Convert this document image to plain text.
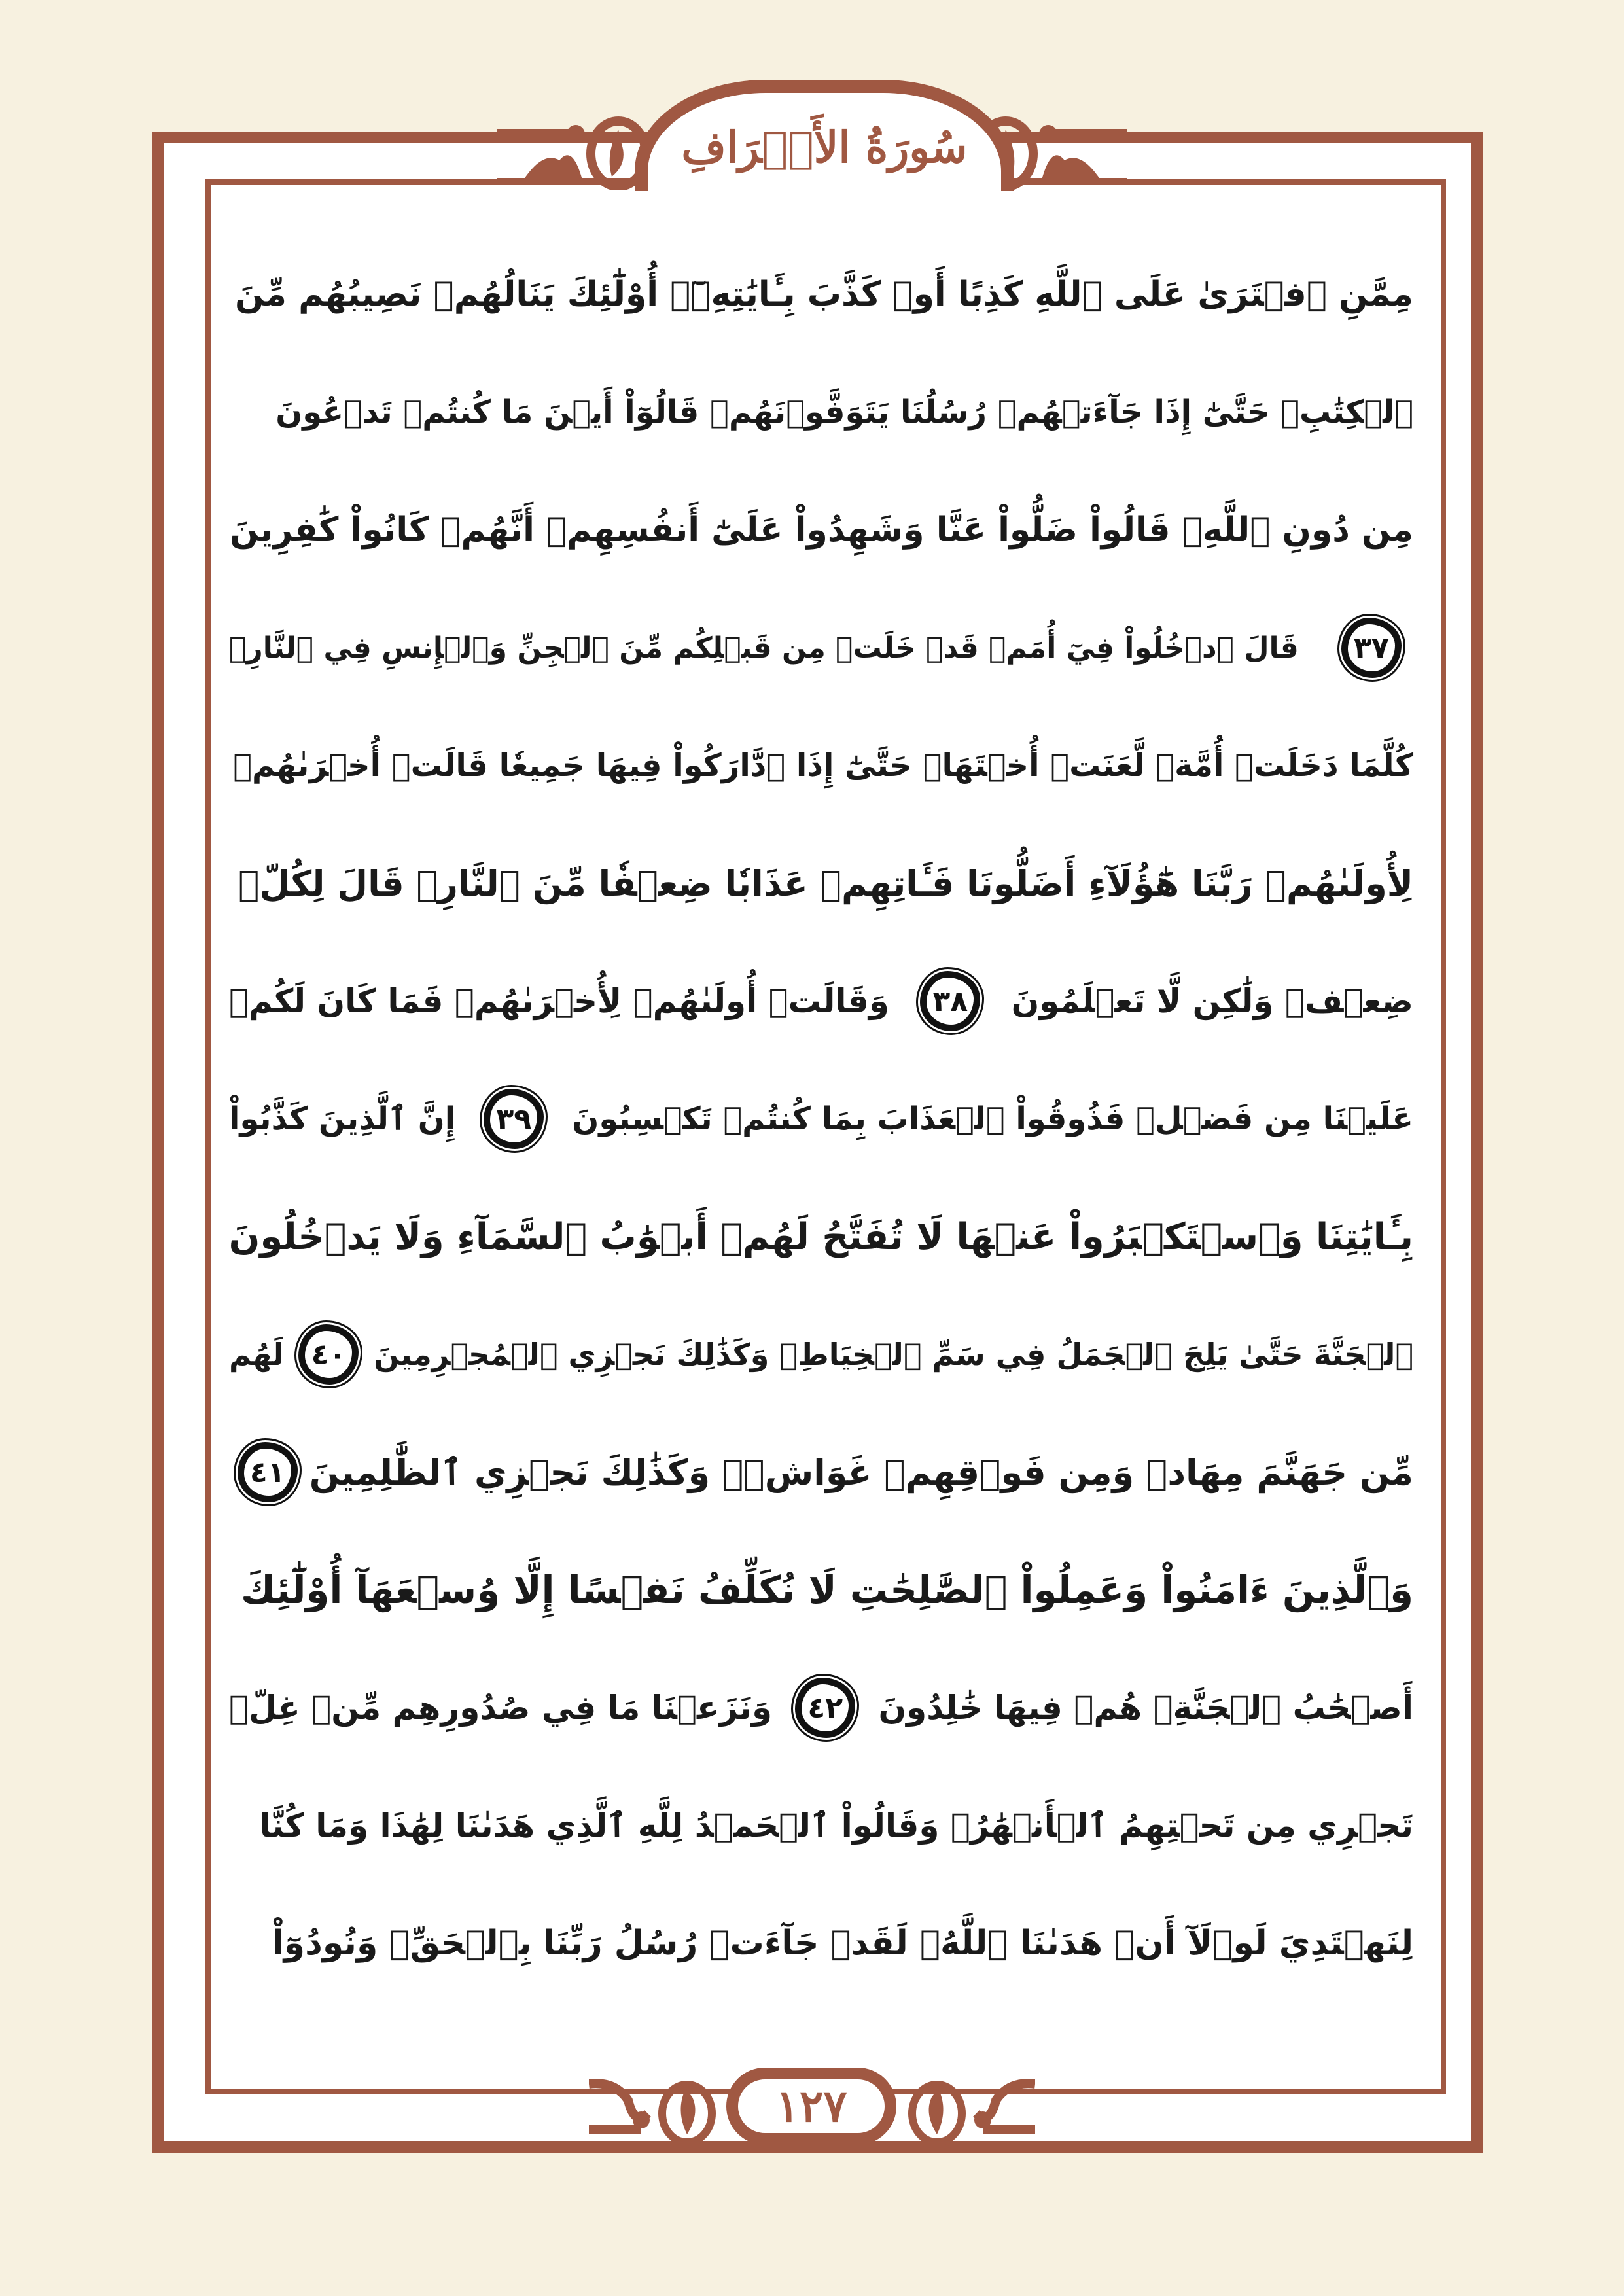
سُورَةُ الأَعۡرَافِ
مِمَّنِ ٱفۡتَرَىٰ عَلَى ٱللَّهِ كَذِبًا أَوۡ كَذَّبَ بِـَٔايَٰتِهِۦٓۚ أُوْلَٰٓئِكَ يَنَالُهُمۡ نَصِيبُهُم مِّنَ
ٱلۡكِتَٰبِۖ حَتَّىٰٓ إِذَا جَآءَتۡهُمۡ رُسُلُنَا يَتَوَفَّوۡنَهُمۡ قَالُوٓاْ أَيۡنَ مَا كُنتُمۡ تَدۡعُونَ
مِن دُونِ ٱللَّهِۖ قَالُواْ ضَلُّواْ عَنَّا وَشَهِدُواْ عَلَىٰٓ أَنفُسِهِمۡ أَنَّهُمۡ كَانُواْ كَٰفِرِينَ
٣٧
قَالَ ٱدۡخُلُواْ فِيٓ أُمَمٖ قَدۡ خَلَتۡ مِن قَبۡلِكُم مِّنَ ٱلۡجِنِّ وَٱلۡإِنسِ فِي ٱلنَّارِۖ
كُلَّمَا دَخَلَتۡ أُمَّةٞ لَّعَنَتۡ أُخۡتَهَاۖ حَتَّىٰٓ إِذَا ٱدَّارَكُواْ فِيهَا جَمِيعٗا قَالَتۡ أُخۡرَىٰهُمۡ
لِأُولَىٰهُمۡ رَبَّنَا هَٰٓؤُلَآءِ أَضَلُّونَا فَـَٔاتِهِمۡ عَذَابٗا ضِعۡفٗا مِّنَ ٱلنَّارِۖ قَالَ لِكُلّٖ
ضِعۡفٞ وَلَٰكِن لَّا تَعۡلَمُونَ
٣٨
وَقَالَتۡ أُولَىٰهُمۡ لِأُخۡرَىٰهُمۡ فَمَا كَانَ لَكُمۡ
عَلَيۡنَا مِن فَضۡلٖ فَذُوقُواْ ٱلۡعَذَابَ بِمَا كُنتُمۡ تَكۡسِبُونَ
٣٩
إِنَّ ٱلَّذِينَ كَذَّبُواْ
بِـَٔايَٰتِنَا وَٱسۡتَكۡبَرُواْ عَنۡهَا لَا تُفَتَّحُ لَهُمۡ أَبۡوَٰبُ ٱلسَّمَآءِ وَلَا يَدۡخُلُونَ
ٱلۡجَنَّةَ حَتَّىٰ يَلِجَ ٱلۡجَمَلُ فِي سَمِّ ٱلۡخِيَاطِۚ وَكَذَٰلِكَ نَجۡزِي ٱلۡمُجۡرِمِينَ
٤٠
لَهُم
مِّن جَهَنَّمَ مِهَادٞ وَمِن فَوۡقِهِمۡ غَوَاشٖۚ وَكَذَٰلِكَ نَجۡزِي ٱلظَّٰلِمِينَ
٤١
وَٱلَّذِينَ ءَامَنُواْ وَعَمِلُواْ ٱلصَّٰلِحَٰتِ لَا نُكَلِّفُ نَفۡسًا إِلَّا وُسۡعَهَآ أُوْلَٰٓئِكَ
أَصۡحَٰبُ ٱلۡجَنَّةِۖ هُمۡ فِيهَا خَٰلِدُونَ
٤٢
وَنَزَعۡنَا مَا فِي صُدُورِهِم مِّنۡ غِلّٖ
تَجۡرِي مِن تَحۡتِهِمُ ٱلۡأَنۡهَٰرُۖ وَقَالُواْ ٱلۡحَمۡدُ لِلَّهِ ٱلَّذِي هَدَىٰنَا لِهَٰذَا وَمَا كُنَّا
لِنَهۡتَدِيَ لَوۡلَآ أَنۡ هَدَىٰنَا ٱللَّهُۖ لَقَدۡ جَآءَتۡ رُسُلُ رَبِّنَا بِٱلۡحَقِّۖ وَنُودُوٓاْ
١٢٧
